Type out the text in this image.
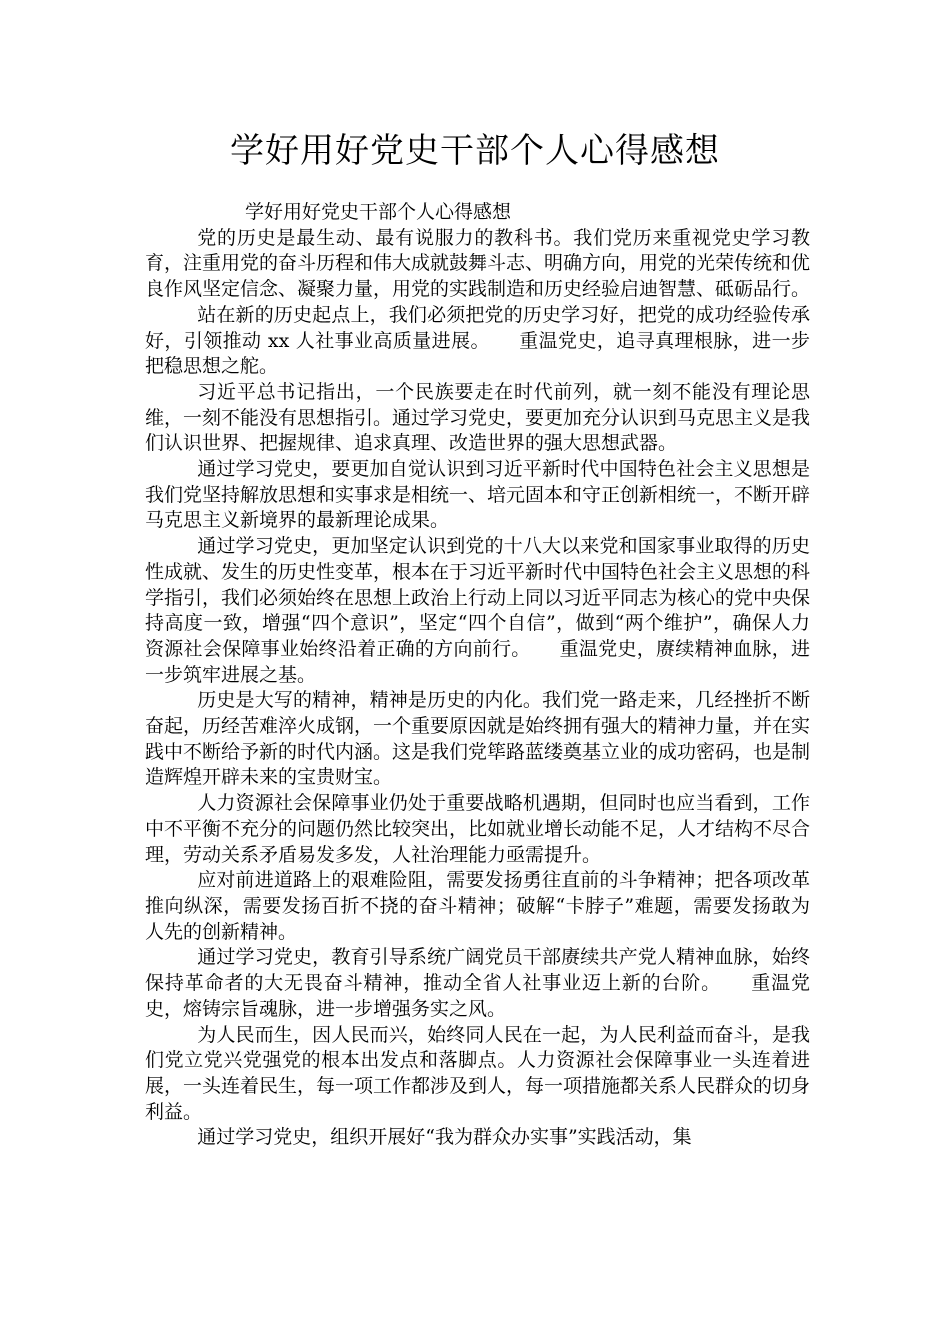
学好用好党史干部个人心得感想
学好用好党史干部个人心得感想

党的历史是最生动、最有说服力的教科书。我们党历来重视党史学习教育，注重用党的奋斗历程和伟大成就鼓舞斗志、明确方向，用党的光荣传统和优良作风坚定信念、凝聚力量，用党的实践制造和历史经验启迪智慧、砥砺品行。

站在新的历史起点上，我们必须把党的历史学习好，把党的成功经验传承好，引领推动 xx 人社事业高质量进展。　　重温党史，追寻真理根脉，进一步把稳思想之舵。

习近平总书记指出，一个民族要走在时代前列，就一刻不能没有理论思维，一刻不能没有思想指引。通过学习党史，要更加充分认识到马克思主义是我们认识世界、把握规律、追求真理、改造世界的强大思想武器。

通过学习党史，要更加自觉认识到习近平新时代中国特色社会主义思想是我们党坚持解放思想和实事求是相统一、培元固本和守正创新相统一，不断开辟马克思主义新境界的最新理论成果。

通过学习党史，更加坚定认识到党的十八大以来党和国家事业取得的历史性成就、发生的历史性变革，根本在于习近平新时代中国特色社会主义思想的科学指引，我们必须始终在思想上政治上行动上同以习近平同志为核心的党中央保持高度一致，增强“四个意识”，坚定“四个自信”，做到“两个维护”，确保人力资源社会保障事业始终沿着正确的方向前行。　　重温党史，赓续精神血脉，进一步筑牢进展之基。

历史是大写的精神，精神是历史的内化。我们党一路走来，几经挫折不断奋起，历经苦难淬火成钢，一个重要原因就是始终拥有强大的精神力量，并在实践中不断给予新的时代内涵。这是我们党筚路蓝缕奠基立业的成功密码，也是制造辉煌开辟未来的宝贵财宝。

人力资源社会保障事业仍处于重要战略机遇期，但同时也应当看到，工作中不平衡不充分的问题仍然比较突出，比如就业增长动能不足，人才结构不尽合理，劳动关系矛盾易发多发，人社治理能力亟需提升。

应对前进道路上的艰难险阻，需要发扬勇往直前的斗争精神；把各项改革推向纵深，需要发扬百折不挠的奋斗精神；破解“卡脖子”难题，需要发扬敢为人先的创新精神。

通过学习党史，教育引导系统广阔党员干部赓续共产党人精神血脉，始终保持革命者的大无畏奋斗精神，推动全省人社事业迈上新的台阶。　　重温党史，熔铸宗旨魂脉，进一步增强务实之风。

为人民而生，因人民而兴，始终同人民在一起，为人民利益而奋斗，是我们党立党兴党强党的根本出发点和落脚点。人力资源社会保障事业一头连着进展，一头连着民生，每一项工作都涉及到人，每一项措施都关系人民群众的切身利益。

通过学习党史，组织开展好“我为群众办实事”实践活动，集
